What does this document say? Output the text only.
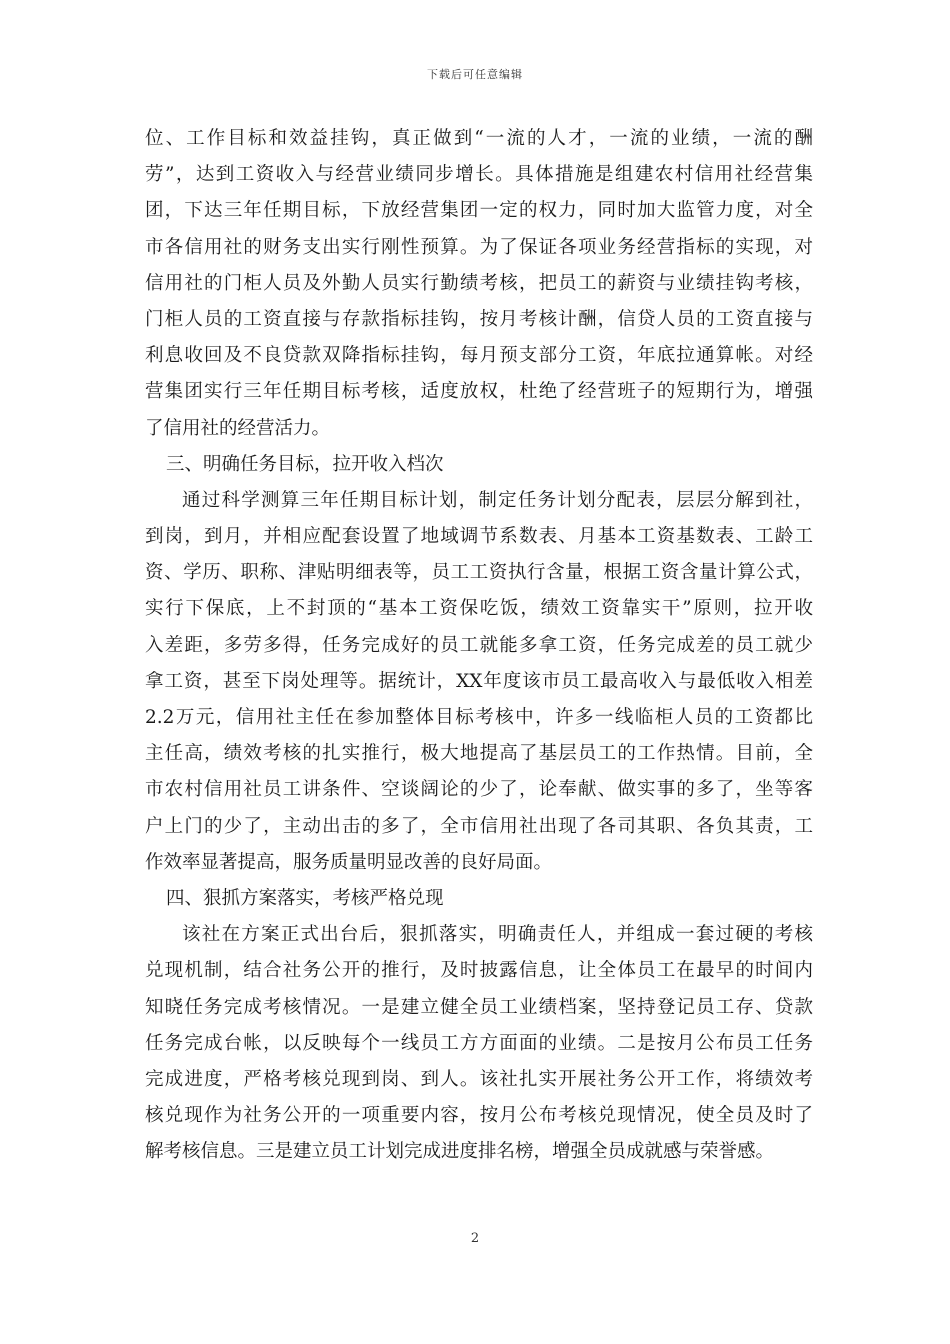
下载后可任意编辑
位、工作目标和效益挂钩，真正做到“一流的人才，一流的业绩，一流的酬
劳”，达到工资收入与经营业绩同步增长。具体措施是组建农村信用社经营集
团，下达三年任期目标，下放经营集团一定的权力，同时加大监管力度，对全
市各信用社的财务支出实行刚性预算。为了保证各项业务经营指标的实现，对
信用社的门柜人员及外勤人员实行勤绩考核，把员工的薪资与业绩挂钩考核，
门柜人员的工资直接与存款指标挂钩，按月考核计酬，信贷人员的工资直接与
利息收回及不良贷款双降指标挂钩，每月预支部分工资，年底拉通算帐。对经
营集团实行三年任期目标考核，适度放权，杜绝了经营班子的短期行为，增强
了信用社的经营活力。
三、明确任务目标，拉开收入档次
通过科学测算三年任期目标计划，制定任务计划分配表，层层分解到社，
到岗，到月，并相应配套设置了地域调节系数表、月基本工资基数表、工龄工
资、学历、职称、津贴明细表等，员工工资执行含量，根据工资含量计算公式，
实行下保底，上不封顶的“基本工资保吃饭，绩效工资靠实干”原则，拉开收
入差距，多劳多得，任务完成好的员工就能多拿工资，任务完成差的员工就少
拿工资，甚至下岗处理等。据统计，XX年度该市员工最高收入与最低收入相差
2.2万元，信用社主任在参加整体目标考核中，许多一线临柜人员的工资都比
主任高，绩效考核的扎实推行，极大地提高了基层员工的工作热情。目前，全
市农村信用社员工讲条件、空谈阔论的少了，论奉献、做实事的多了，坐等客
户上门的少了，主动出击的多了，全市信用社出现了各司其职、各负其责，工
作效率显著提高，服务质量明显改善的良好局面。
四、狠抓方案落实，考核严格兑现
该社在方案正式出台后，狠抓落实，明确责任人，并组成一套过硬的考核
兑现机制，结合社务公开的推行，及时披露信息，让全体员工在最早的时间内
知晓任务完成考核情况。一是建立健全员工业绩档案，坚持登记员工存、贷款
任务完成台帐，以反映每个一线员工方方面面的业绩。二是按月公布员工任务
完成进度，严格考核兑现到岗、到人。该社扎实开展社务公开工作，将绩效考
核兑现作为社务公开的一项重要内容，按月公布考核兑现情况，使全员及时了
解考核信息。三是建立员工计划完成进度排名榜，增强全员成就感与荣誉感。
2
